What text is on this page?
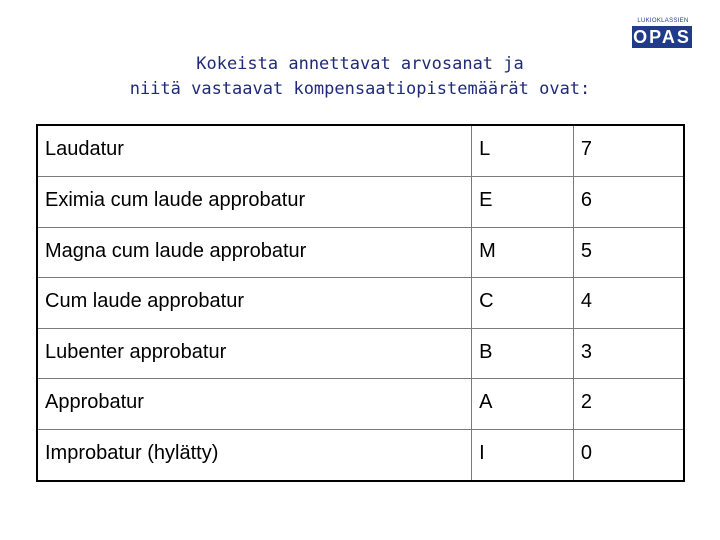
LUKIOKLASSIEN
OPAS
Kokeista annettavat arvosanat ja
niitä vastaavat kompensaatiopistemäärät ovat:
Laudatur	L	7
Eximia cum laude approbatur	E	6
Magna cum laude approbatur	M	5
Cum laude approbatur	C	4
Lubenter approbatur	B	3
Approbatur	A	2
Improbatur (hylätty)	I	0
